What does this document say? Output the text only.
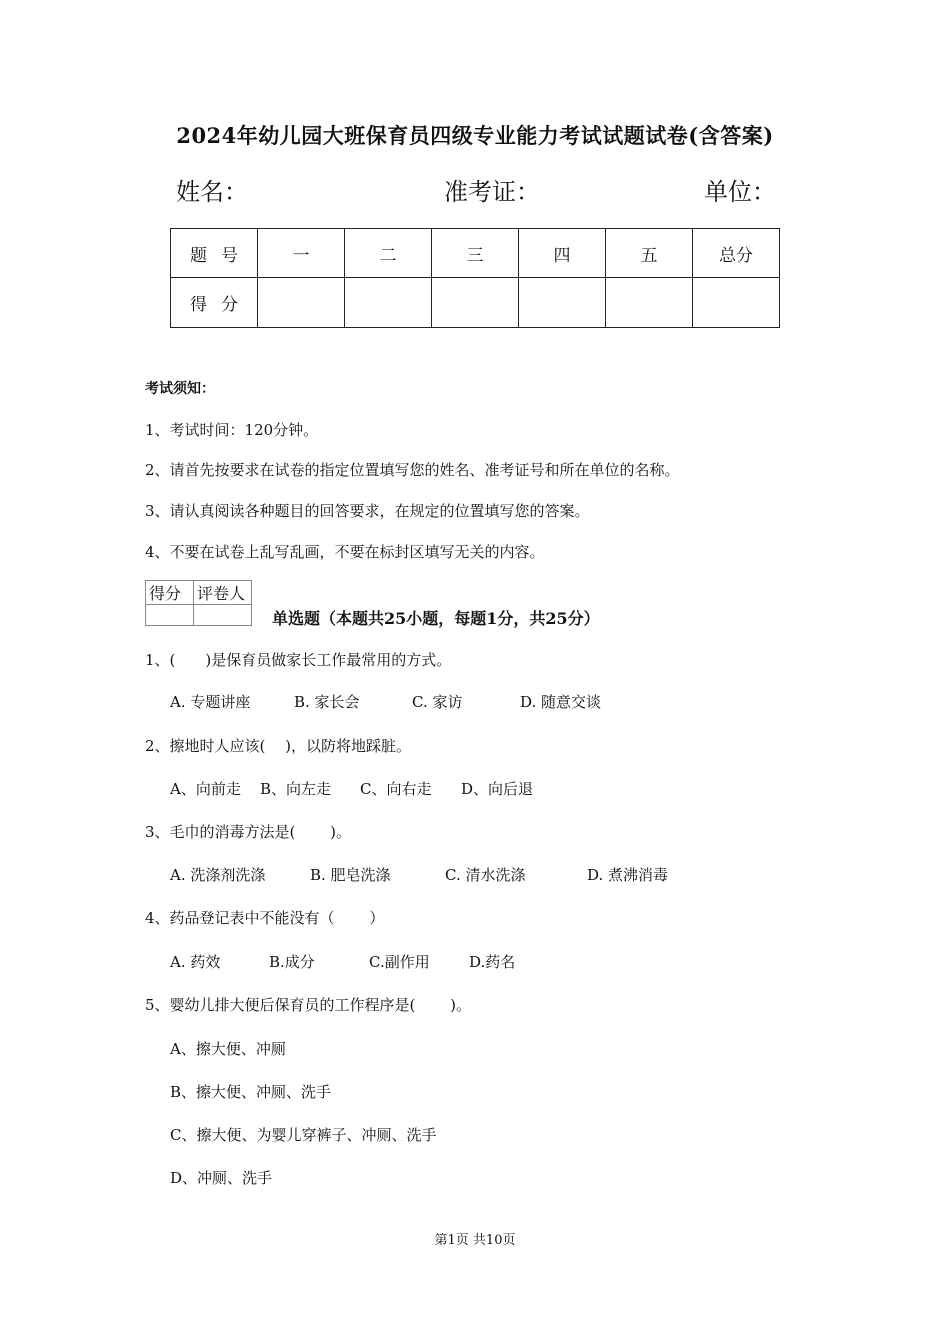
2024年幼儿园大班保育员四级专业能力考试试题试卷(含答案)
姓名：	准考证：	单位：
题号	一	二	三	四	五	总分
得分						
考试须知：
1、考试时间：120分钟。
2、请首先按要求在试卷的指定位置填写您的姓名、准考证号和所在单位的名称。
3、请认真阅读各种题目的回答要求，在规定的位置填写您的答案。
4、不要在试卷上乱写乱画，不要在标封区填写无关的内容。
得分	评卷人

单选题（本题共25小题，每题1分，共25分）
1、(　　)是保育员做家长工作最常用的方式。
A. 专题讲座	B. 家长会	C. 家访	D. 随意交谈
2、擦地时人应该(　 )，以防将地踩脏。
A、向前走 B、向左走 C、向右走 D、向后退
3、毛巾的消毒方法是(　　 )。
A. 洗涤剂洗涤	B. 肥皂洗涤	C. 清水洗涤	D. 煮沸消毒
4、药品登记表中不能没有（　　 ）
A. 药效	B.成分	C.副作用	D.药名
5、婴幼儿排大便后保育员的工作程序是(　　 )。
A、擦大便、冲厕
B、擦大便、冲厕、洗手
C、擦大便、为婴儿穿裤子、冲厕、洗手
D、冲厕、洗手
第1页 共10页
